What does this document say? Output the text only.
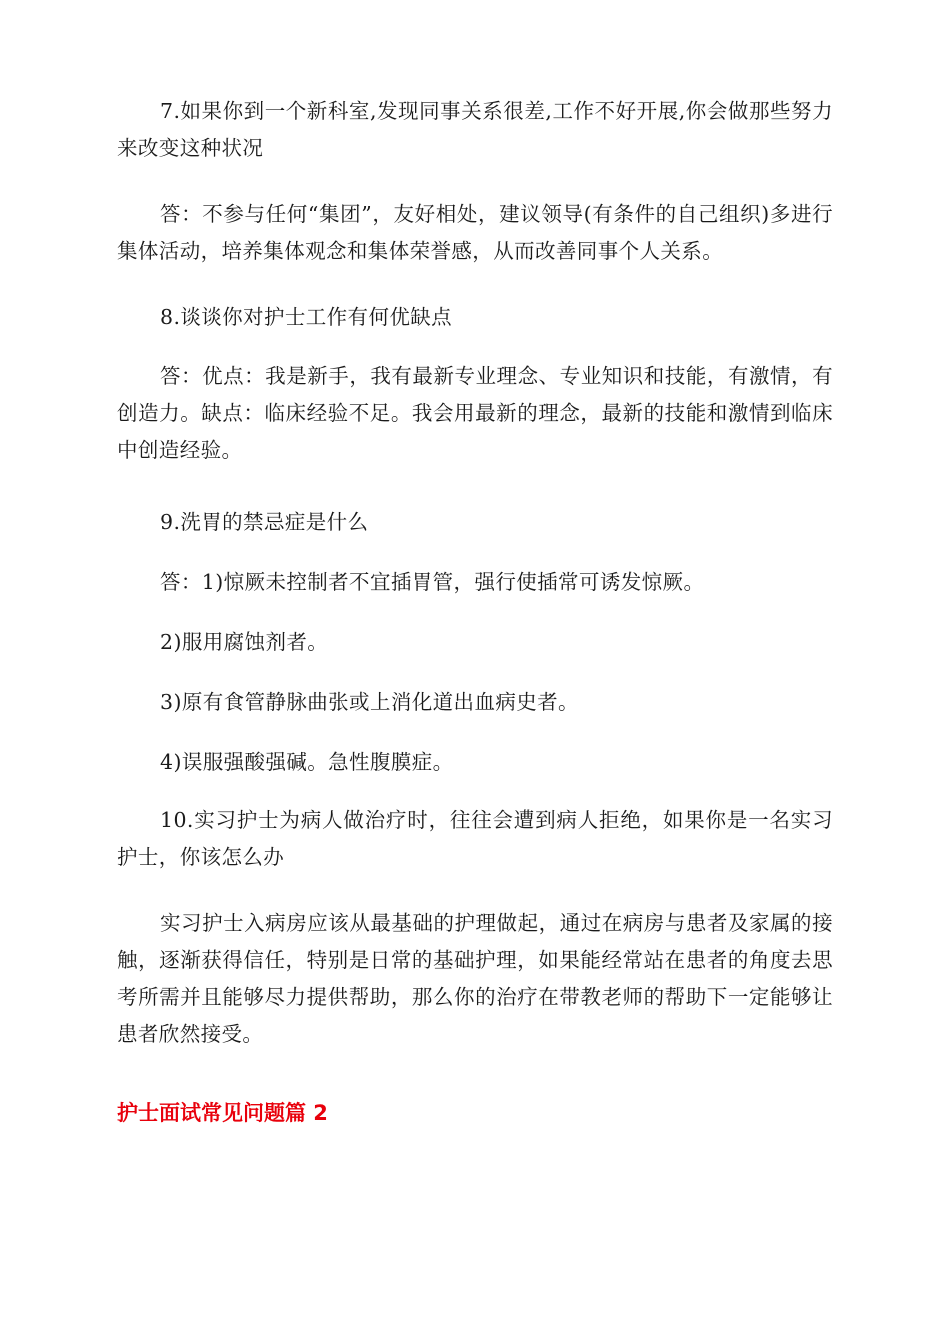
7.如果你到一个新科室,发现同事关系很差,工作不好开展,你会做那些努力来改变这种状况

答：不参与任何“集团”，友好相处，建议领导(有条件的自己组织)多进行集体活动，培养集体观念和集体荣誉感，从而改善同事个人关系。

8.谈谈你对护士工作有何优缺点

答：优点：我是新手，我有最新专业理念、专业知识和技能，有激情，有创造力。缺点：临床经验不足。我会用最新的理念，最新的技能和激情到临床中创造经验。

9.洗胃的禁忌症是什么

答：1)惊厥未控制者不宜插胃管，强行使插常可诱发惊厥。

2)服用腐蚀剂者。

3)原有食管静脉曲张或上消化道出血病史者。

4)误服强酸强碱。急性腹膜症。

10.实习护士为病人做治疗时，往往会遭到病人拒绝，如果你是一名实习护士，你该怎么办

实习护士入病房应该从最基础的护理做起，通过在病房与患者及家属的接触，逐渐获得信任，特别是日常的基础护理，如果能经常站在患者的角度去思考所需并且能够尽力提供帮助，那么你的治疗在带教老师的帮助下一定能够让患者欣然接受。

护士面试常见问题篇 2
